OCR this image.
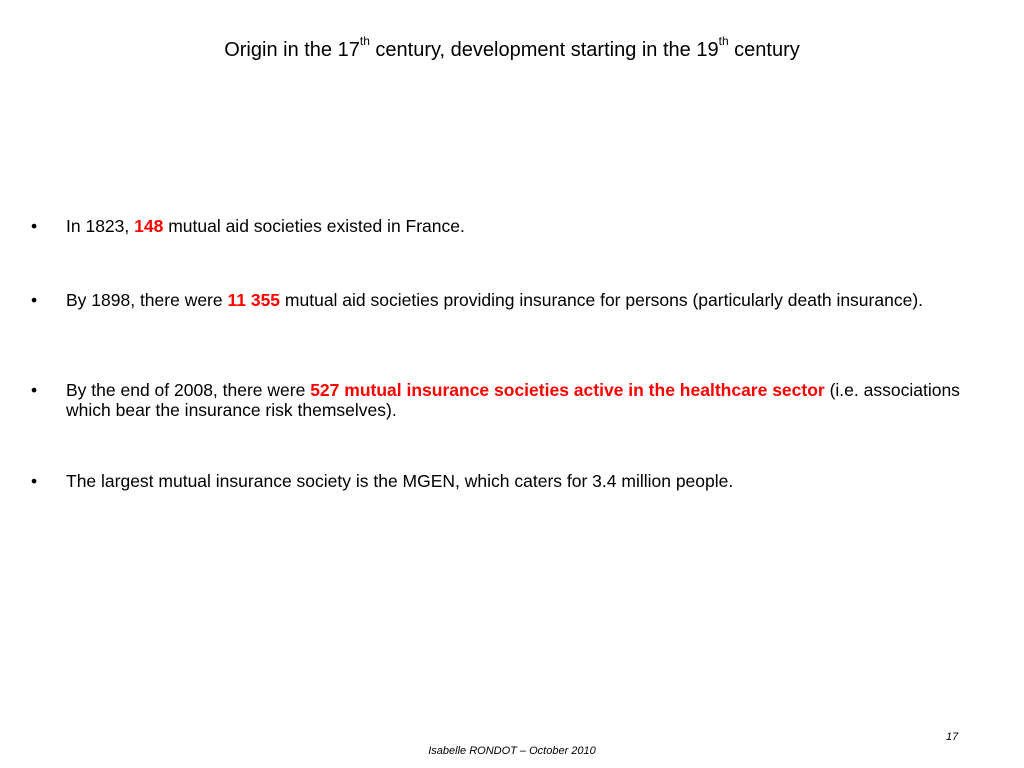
Origin in the 17th century, development starting in the 19th century
• In 1823, 148 mutual aid societies existed in France.
• By 1898, there were 11 355 mutual aid societies providing insurance for persons (particularly death insurance).
• By the end of 2008, there were 527 mutual insurance societies active in the healthcare sector (i.e. associations which bear the insurance risk themselves).
• The largest mutual insurance society is the MGEN, which caters for 3.4 million people.
17
Isabelle RONDOT – October 2010
